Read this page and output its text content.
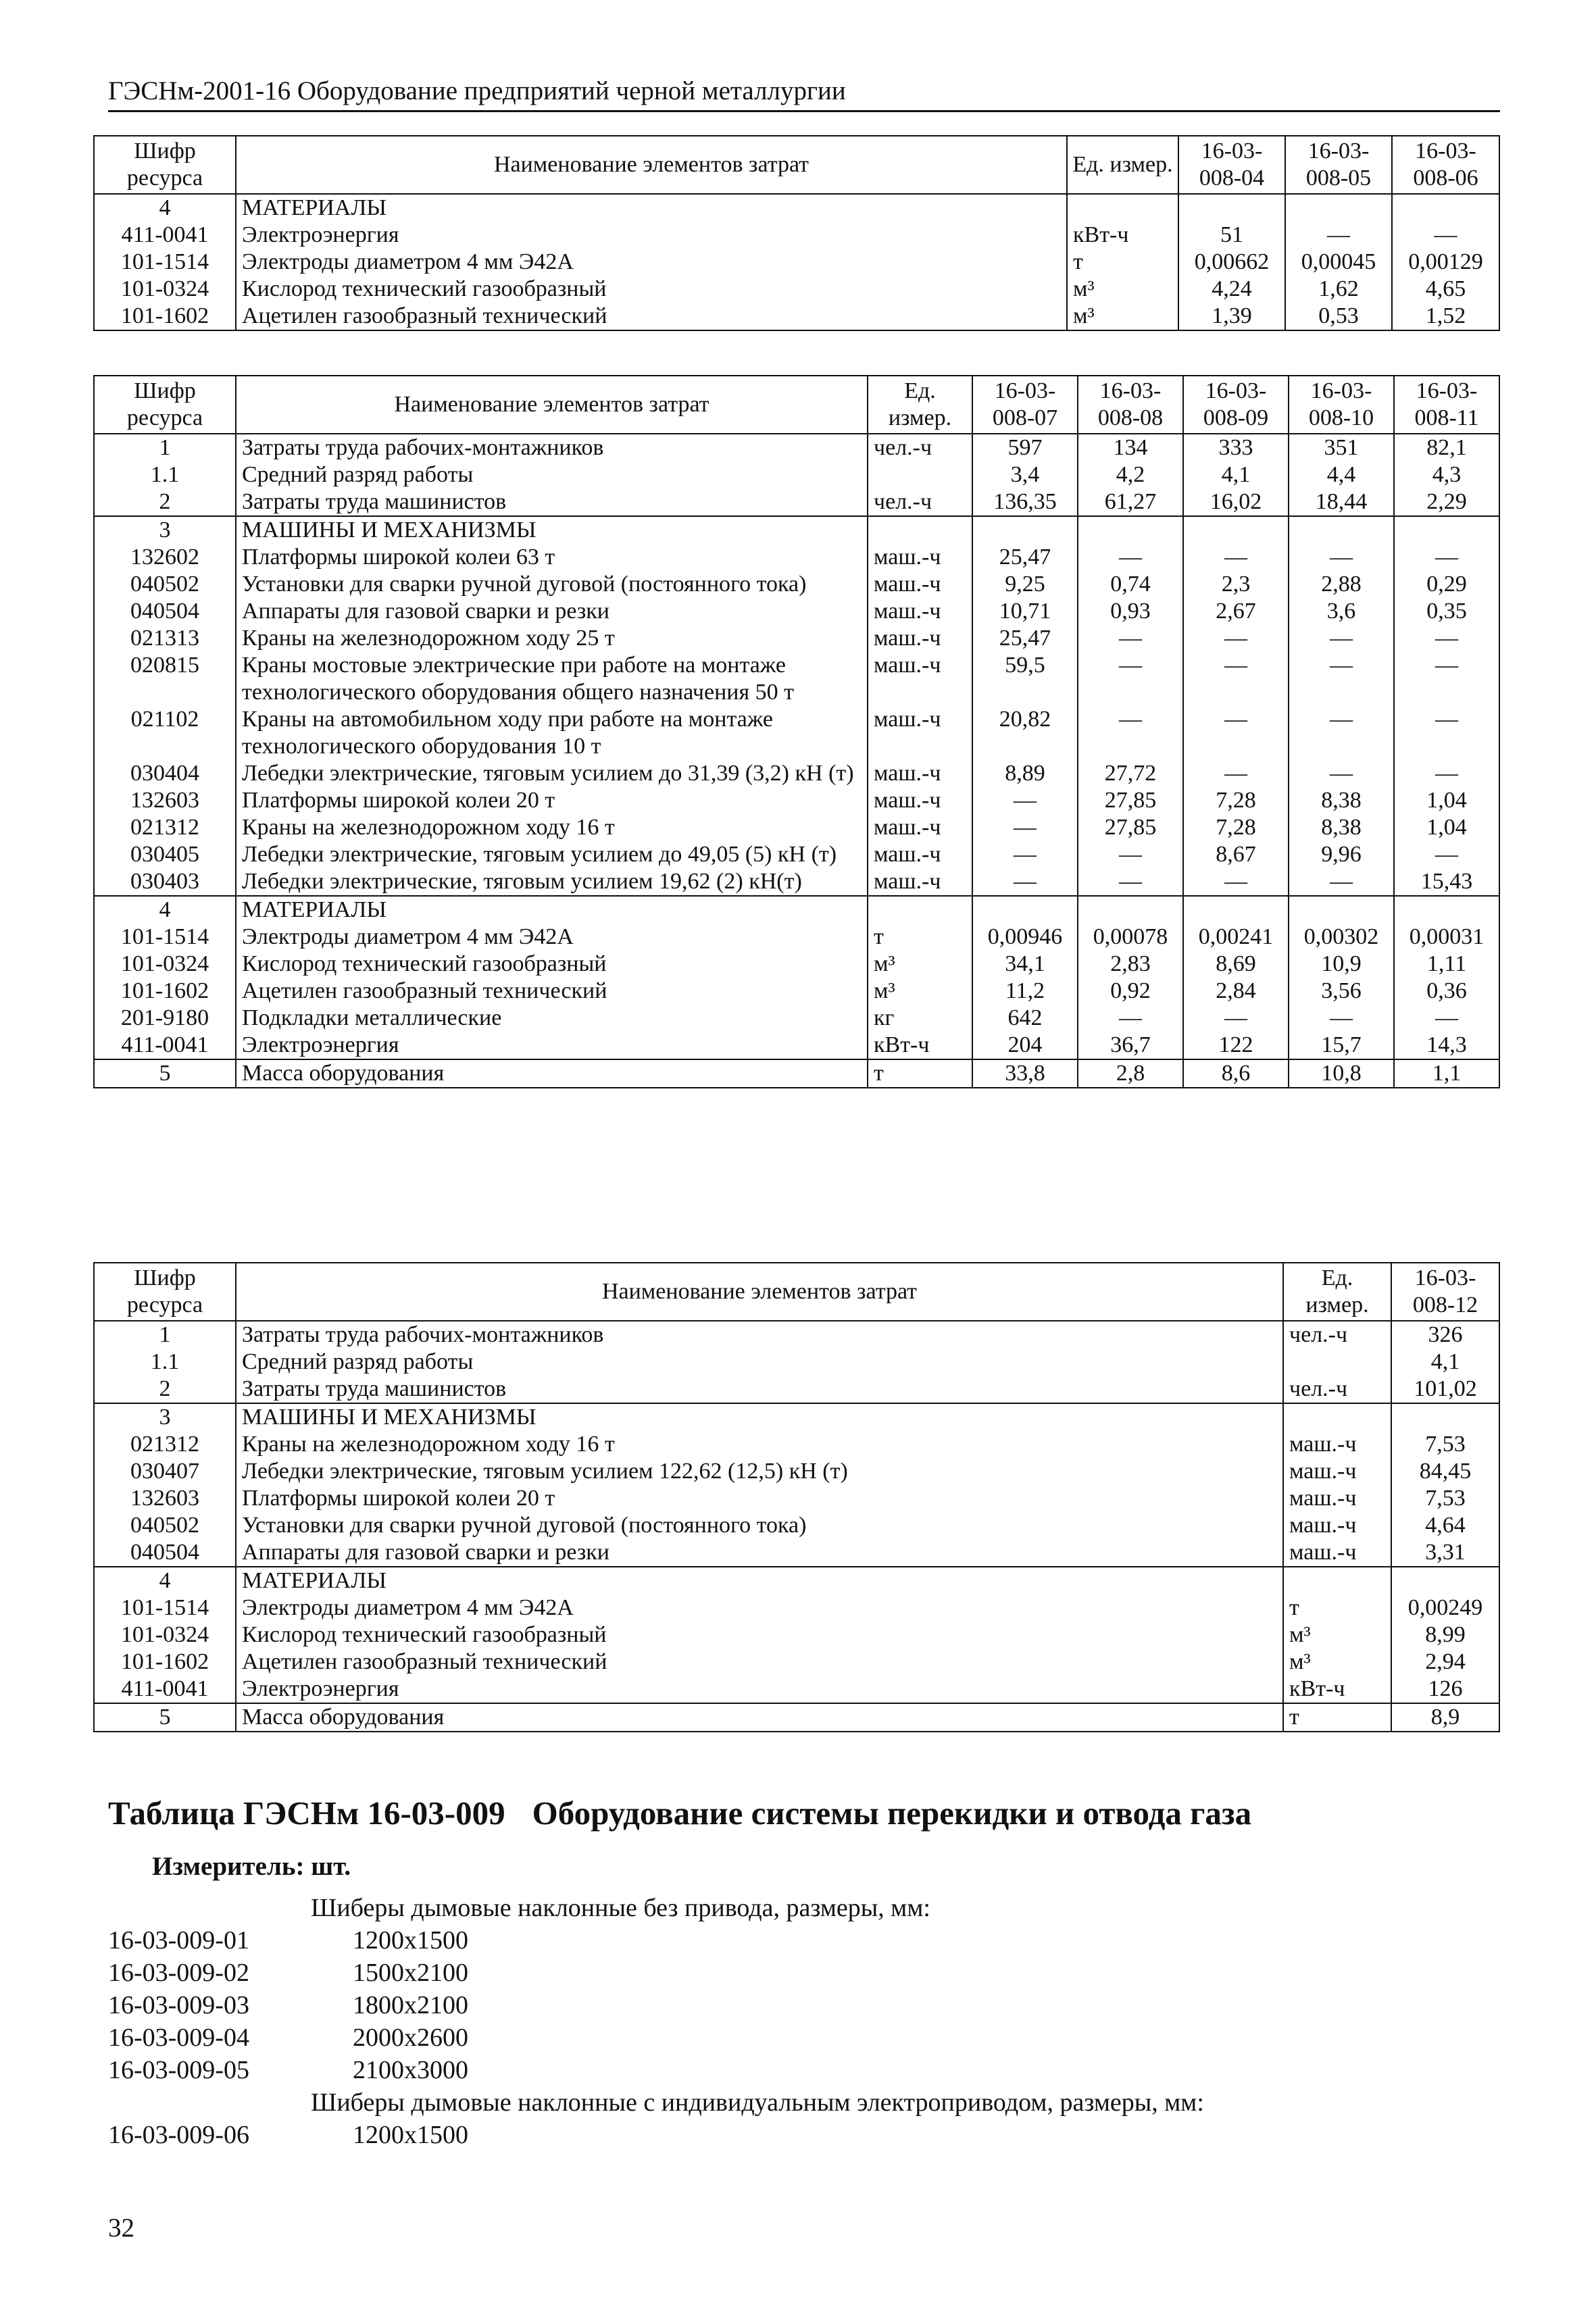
ГЭСНм-2001-16 Оборудование предприятий черной металлургии
Шифр ресурса	Наименование элементов затрат	Ед. измер.	16-03-008-04	16-03-008-05	16-03-008-06
4	МАТЕРИАЛЫ				
411-0041	Электроэнергия	кВт-ч	51	—	—
101-1514	Электроды диаметром 4 мм Э42А	т	0,00662	0,00045	0,00129
101-0324	Кислород технический газообразный	м³	4,24	1,62	4,65
101-1602	Ацетилен газообразный технический	м³	1,39	0,53	1,52
Шифр ресурса	Наименование элементов затрат	Ед. измер.	16-03-008-07	16-03-008-08	16-03-008-09	16-03-008-10	16-03-008-11
1	Затраты труда рабочих-монтажников	чел.-ч	597	134	333	351	82,1
1.1	Средний разряд работы		3,4	4,2	4,1	4,4	4,3
2	Затраты труда машинистов	чел.-ч	136,35	61,27	16,02	18,44	2,29
3	МАШИНЫ И МЕХАНИЗМЫ						
132602	Платформы широкой колеи 63 т	маш.-ч	25,47	—	—	—	—
040502	Установки для сварки ручной дуговой (постоянного тока)	маш.-ч	9,25	0,74	2,3	2,88	0,29
040504	Аппараты для газовой сварки и резки	маш.-ч	10,71	0,93	2,67	3,6	0,35
021313	Краны на железнодорожном ходу 25 т	маш.-ч	25,47	—	—	—	—
020815	Краны мостовые электрические при работе на монтаже технологического оборудования общего назначения 50 т	маш.-ч	59,5	—	—	—	—
021102	Краны на автомобильном ходу при работе на монтаже технологического оборудования 10 т	маш.-ч	20,82	—	—	—	—
030404	Лебедки электрические, тяговым усилием до 31,39 (3,2) кН (т)	маш.-ч	8,89	27,72	—	—	—
132603	Платформы широкой колеи 20 т	маш.-ч	—	27,85	7,28	8,38	1,04
021312	Краны на железнодорожном ходу 16 т	маш.-ч	—	27,85	7,28	8,38	1,04
030405	Лебедки электрические, тяговым усилием до 49,05 (5) кН (т)	маш.-ч	—	—	8,67	9,96	—
030403	Лебедки электрические, тяговым усилием 19,62 (2) кН(т)	маш.-ч	—	—	—	—	15,43
4	МАТЕРИАЛЫ						
101-1514	Электроды диаметром 4 мм Э42А	т	0,00946	0,00078	0,00241	0,00302	0,00031
101-0324	Кислород технический газообразный	м³	34,1	2,83	8,69	10,9	1,11
101-1602	Ацетилен газообразный технический	м³	11,2	0,92	2,84	3,56	0,36
201-9180	Подкладки металлические	кг	642	—	—	—	—
411-0041	Электроэнергия	кВт-ч	204	36,7	122	15,7	14,3
5	Масса оборудования	т	33,8	2,8	8,6	10,8	1,1
Шифр ресурса	Наименование элементов затрат	Ед. измер.	16-03-008-12
1	Затраты труда рабочих-монтажников	чел.-ч	326
1.1	Средний разряд работы		4,1
2	Затраты труда машинистов	чел.-ч	101,02
3	МАШИНЫ И МЕХАНИЗМЫ		
021312	Краны на железнодорожном ходу 16 т	маш.-ч	7,53
030407	Лебедки электрические, тяговым усилием 122,62 (12,5) кН (т)	маш.-ч	84,45
132603	Платформы широкой колеи 20 т	маш.-ч	7,53
040502	Установки для сварки ручной дуговой (постоянного тока)	маш.-ч	4,64
040504	Аппараты для газовой сварки и резки	маш.-ч	3,31
4	МАТЕРИАЛЫ		
101-1514	Электроды диаметром 4 мм Э42А	т	0,00249
101-0324	Кислород технический газообразный	м³	8,99
101-1602	Ацетилен газообразный технический	м³	2,94
411-0041	Электроэнергия	кВт-ч	126
5	Масса оборудования	т	8,9
Таблица ГЭСНм 16-03-009 Оборудование системы перекидки и отвода газа
Измеритель: шт.
Шиберы дымовые наклонные без привода, размеры, мм:
16-03-009-01	1200х1500
16-03-009-02	1500х2100
16-03-009-03	1800х2100
16-03-009-04	2000х2600
16-03-009-05	2100х3000
Шиберы дымовые наклонные с индивидуальным электроприводом, размеры, мм:
16-03-009-06	1200х1500
32
